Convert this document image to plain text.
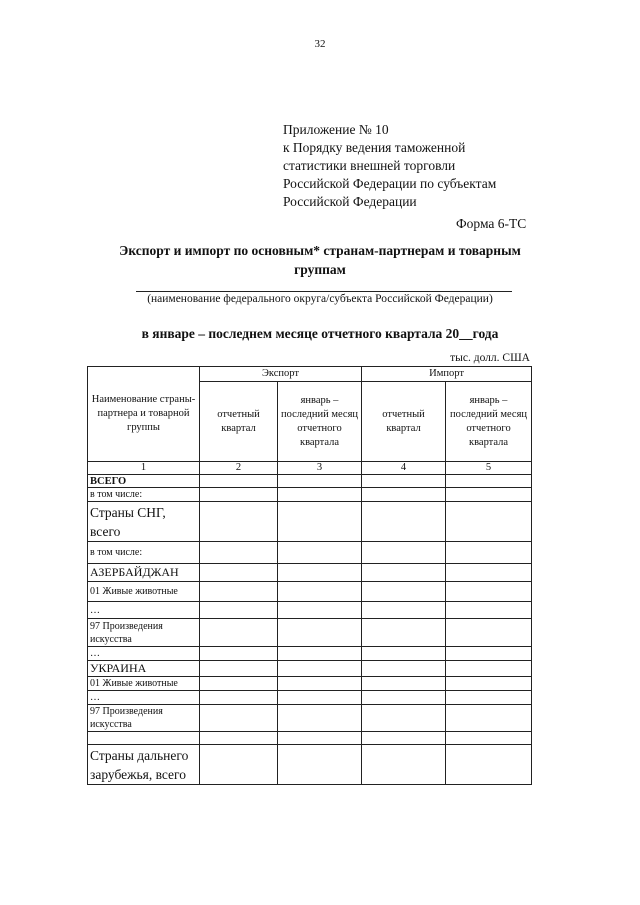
32
Приложение № 10
к Порядку ведения таможенной
статистики внешней торговли
Российской Федерации по субъектам
Российской Федерации
Форма 6-ТС
Экспорт и импорт по основным* странам-партнерам и товарным
группам
(наименование федерального округа/субъекта Российской Федерации)
в январе – последнем месяце отчетного квартала 20__года
тыс. долл. США
Наименование страны-партнера и товарной группы	Экспорт		Импорт	
	отчетный квартал	январь – последний месяц отчетного квартала	отчетный квартал	январь – последний месяц отчетного квартала
1	2	3	4	5
ВСЕГО				
в том числе:				
Страны СНГ, всего				
в том числе:				
АЗЕРБАЙДЖАН				
01 Живые животные				
…				
97 Произведения искусства				
…				
УКРАИНА				
01 Живые животные				
…				
97 Произведения искусства				

Страны дальнего зарубежья, всего				
